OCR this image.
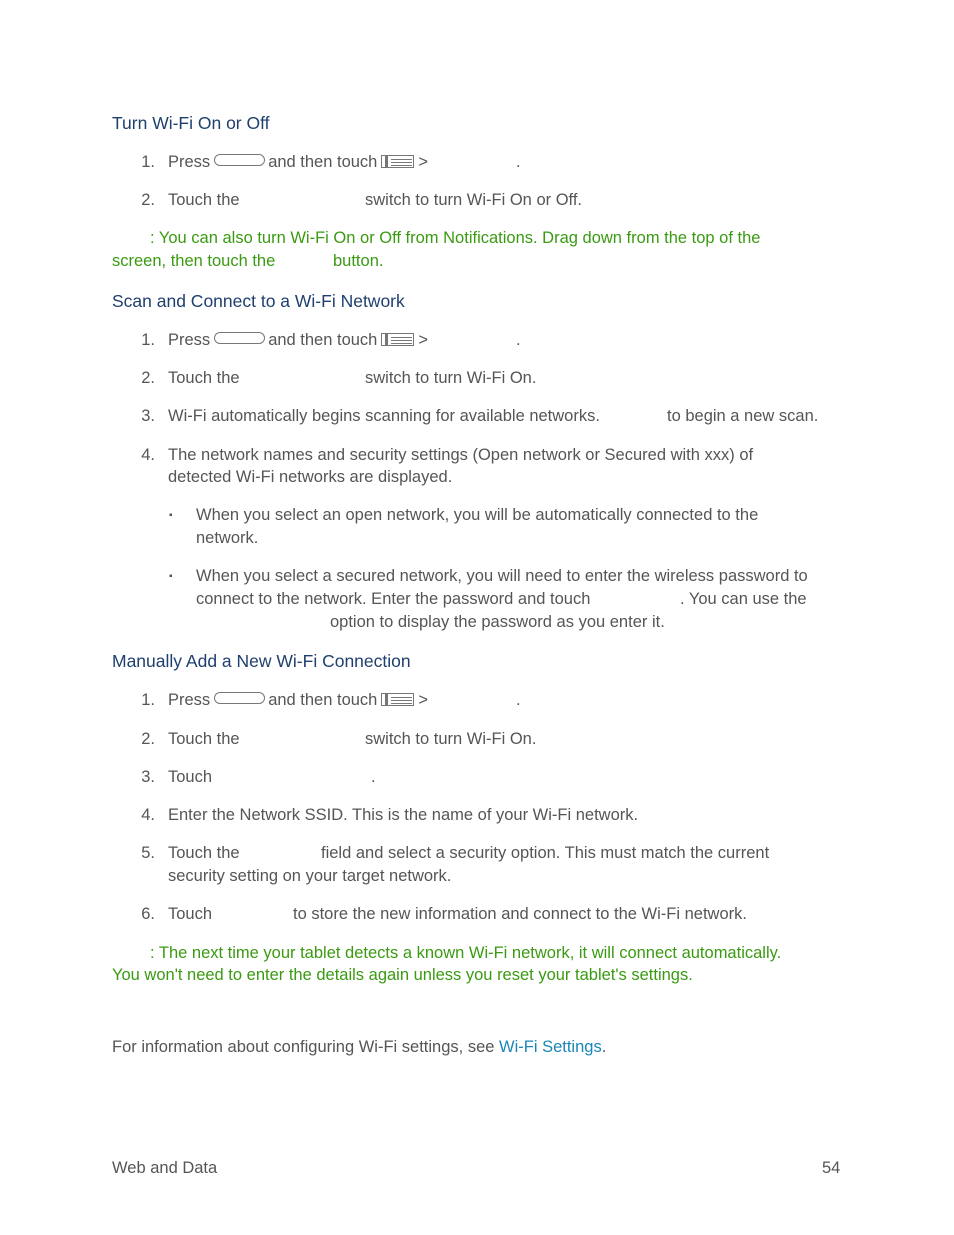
Turn Wi-Fi On or Off
1. Press	and then touch >	.
2. Touch the	switch to turn Wi-Fi On or Off.
: You can also turn Wi-Fi On or Off from Notifications. Drag down from the top of the
screen, then touch the	button.
Scan and Connect to a Wi-Fi Network
1. Press	and then touch >	.
2. Touch the	switch to turn Wi-Fi On.
3. Wi-Fi automatically begins scanning for available networks.	to begin a new scan.
4. The network names and security settings (Open network or Secured with xxx) of
detected Wi-Fi networks are displayed.
▪ When you select an open network, you will be automatically connected to the
network.
▪ When you select a secured network, you will need to enter the wireless password to
connect to the network. Enter the password and touch	. You can use the
option to display the password as you enter it.
Manually Add a New Wi-Fi Connection
1. Press	and then touch >	.
2. Touch the	switch to turn Wi-Fi On.
3. Touch	.
4. Enter the Network SSID. This is the name of your Wi-Fi network.
5. Touch the	field and select a security option. This must match the current
security setting on your target network.
6. Touch	to store the new information and connect to the Wi-Fi network.
: The next time your tablet detects a known Wi-Fi network, it will connect automatically.
You won't need to enter the details again unless you reset your tablet's settings.
For information about configuring Wi-Fi settings, see Wi-Fi Settings.
Web and Data	54
